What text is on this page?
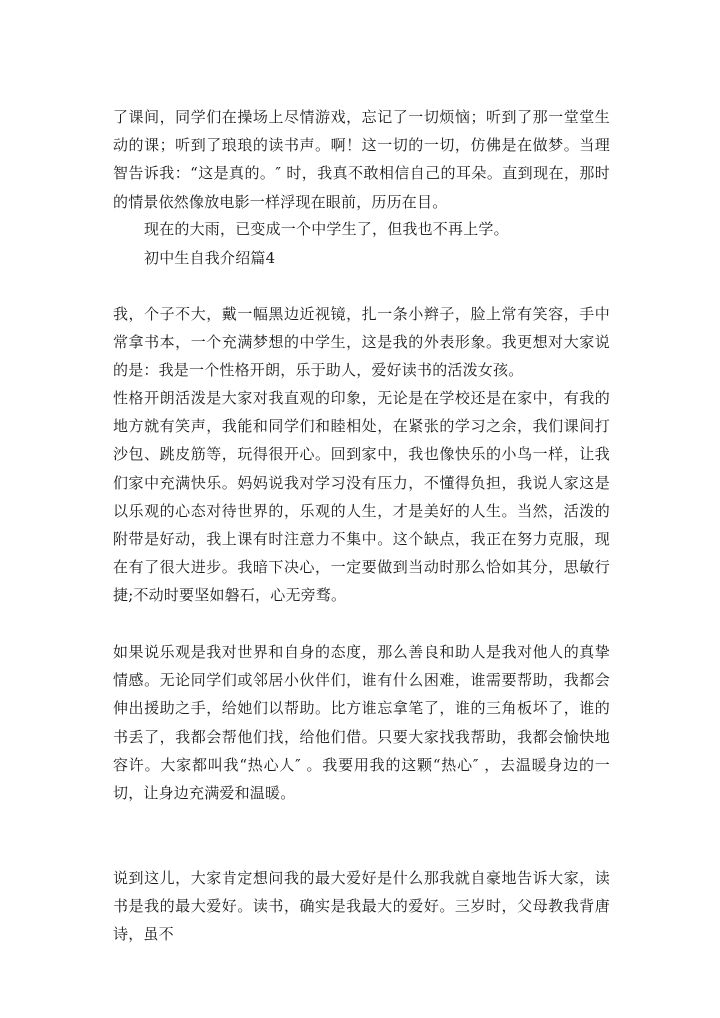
了课间，同学们在操场上尽情游戏，忘记了一切烦恼；听到了那一堂堂生动的课；听到了琅琅的读书声。啊！这一切的一切，仿佛是在做梦。当理智告诉我：“这是真的。″ 时，我真不敢相信自己的耳朵。直到现在，那时的情景依然像放电影一样浮现在眼前，历历在目。

现在的大雨，已变成一个中学生了，但我也不再上学。

初中生自我介绍篇4

我，个子不大，戴一幅黑边近视镜，扎一条小辫子，脸上常有笑容，手中常拿书本，一个充满梦想的中学生，这是我的外表形象。我更想对大家说的是：我是一个性格开朗，乐于助人，爱好读书的活泼女孩。

性格开朗活泼是大家对我直观的印象，无论是在学校还是在家中，有我的地方就有笑声，我能和同学们和睦相处，在紧张的学习之余，我们课间打沙包、跳皮筋等，玩得很开心。回到家中，我也像快乐的小鸟一样，让我们家中充满快乐。妈妈说我对学习没有压力，不懂得负担，我说人家这是以乐观的心态对待世界的，乐观的人生，才是美好的人生。当然，活泼的附带是好动，我上课有时注意力不集中。这个缺点，我正在努力克服，现在有了很大进步。我暗下决心，一定要做到当动时那么恰如其分，思敏行捷;不动时要坚如磐石，心无旁骛。

如果说乐观是我对世界和自身的态度，那么善良和助人是我对他人的真挚情感。无论同学们或邻居小伙伴们，谁有什么困难，谁需要帮助，我都会伸出援助之手，给她们以帮助。比方谁忘拿笔了，谁的三角板坏了，谁的书丢了，我都会帮他们找，给他们借。只要大家找我帮助，我都会愉快地容许。大家都叫我“热心人″ 。我要用我的这颗“热心″ ，去温暖身边的一切，让身边充满爱和温暖。

说到这儿，大家肯定想问我的最大爱好是什么那我就自豪地告诉大家，读书是我的最大爱好。读书，确实是我最大的爱好。三岁时，父母教我背唐诗，虽不
